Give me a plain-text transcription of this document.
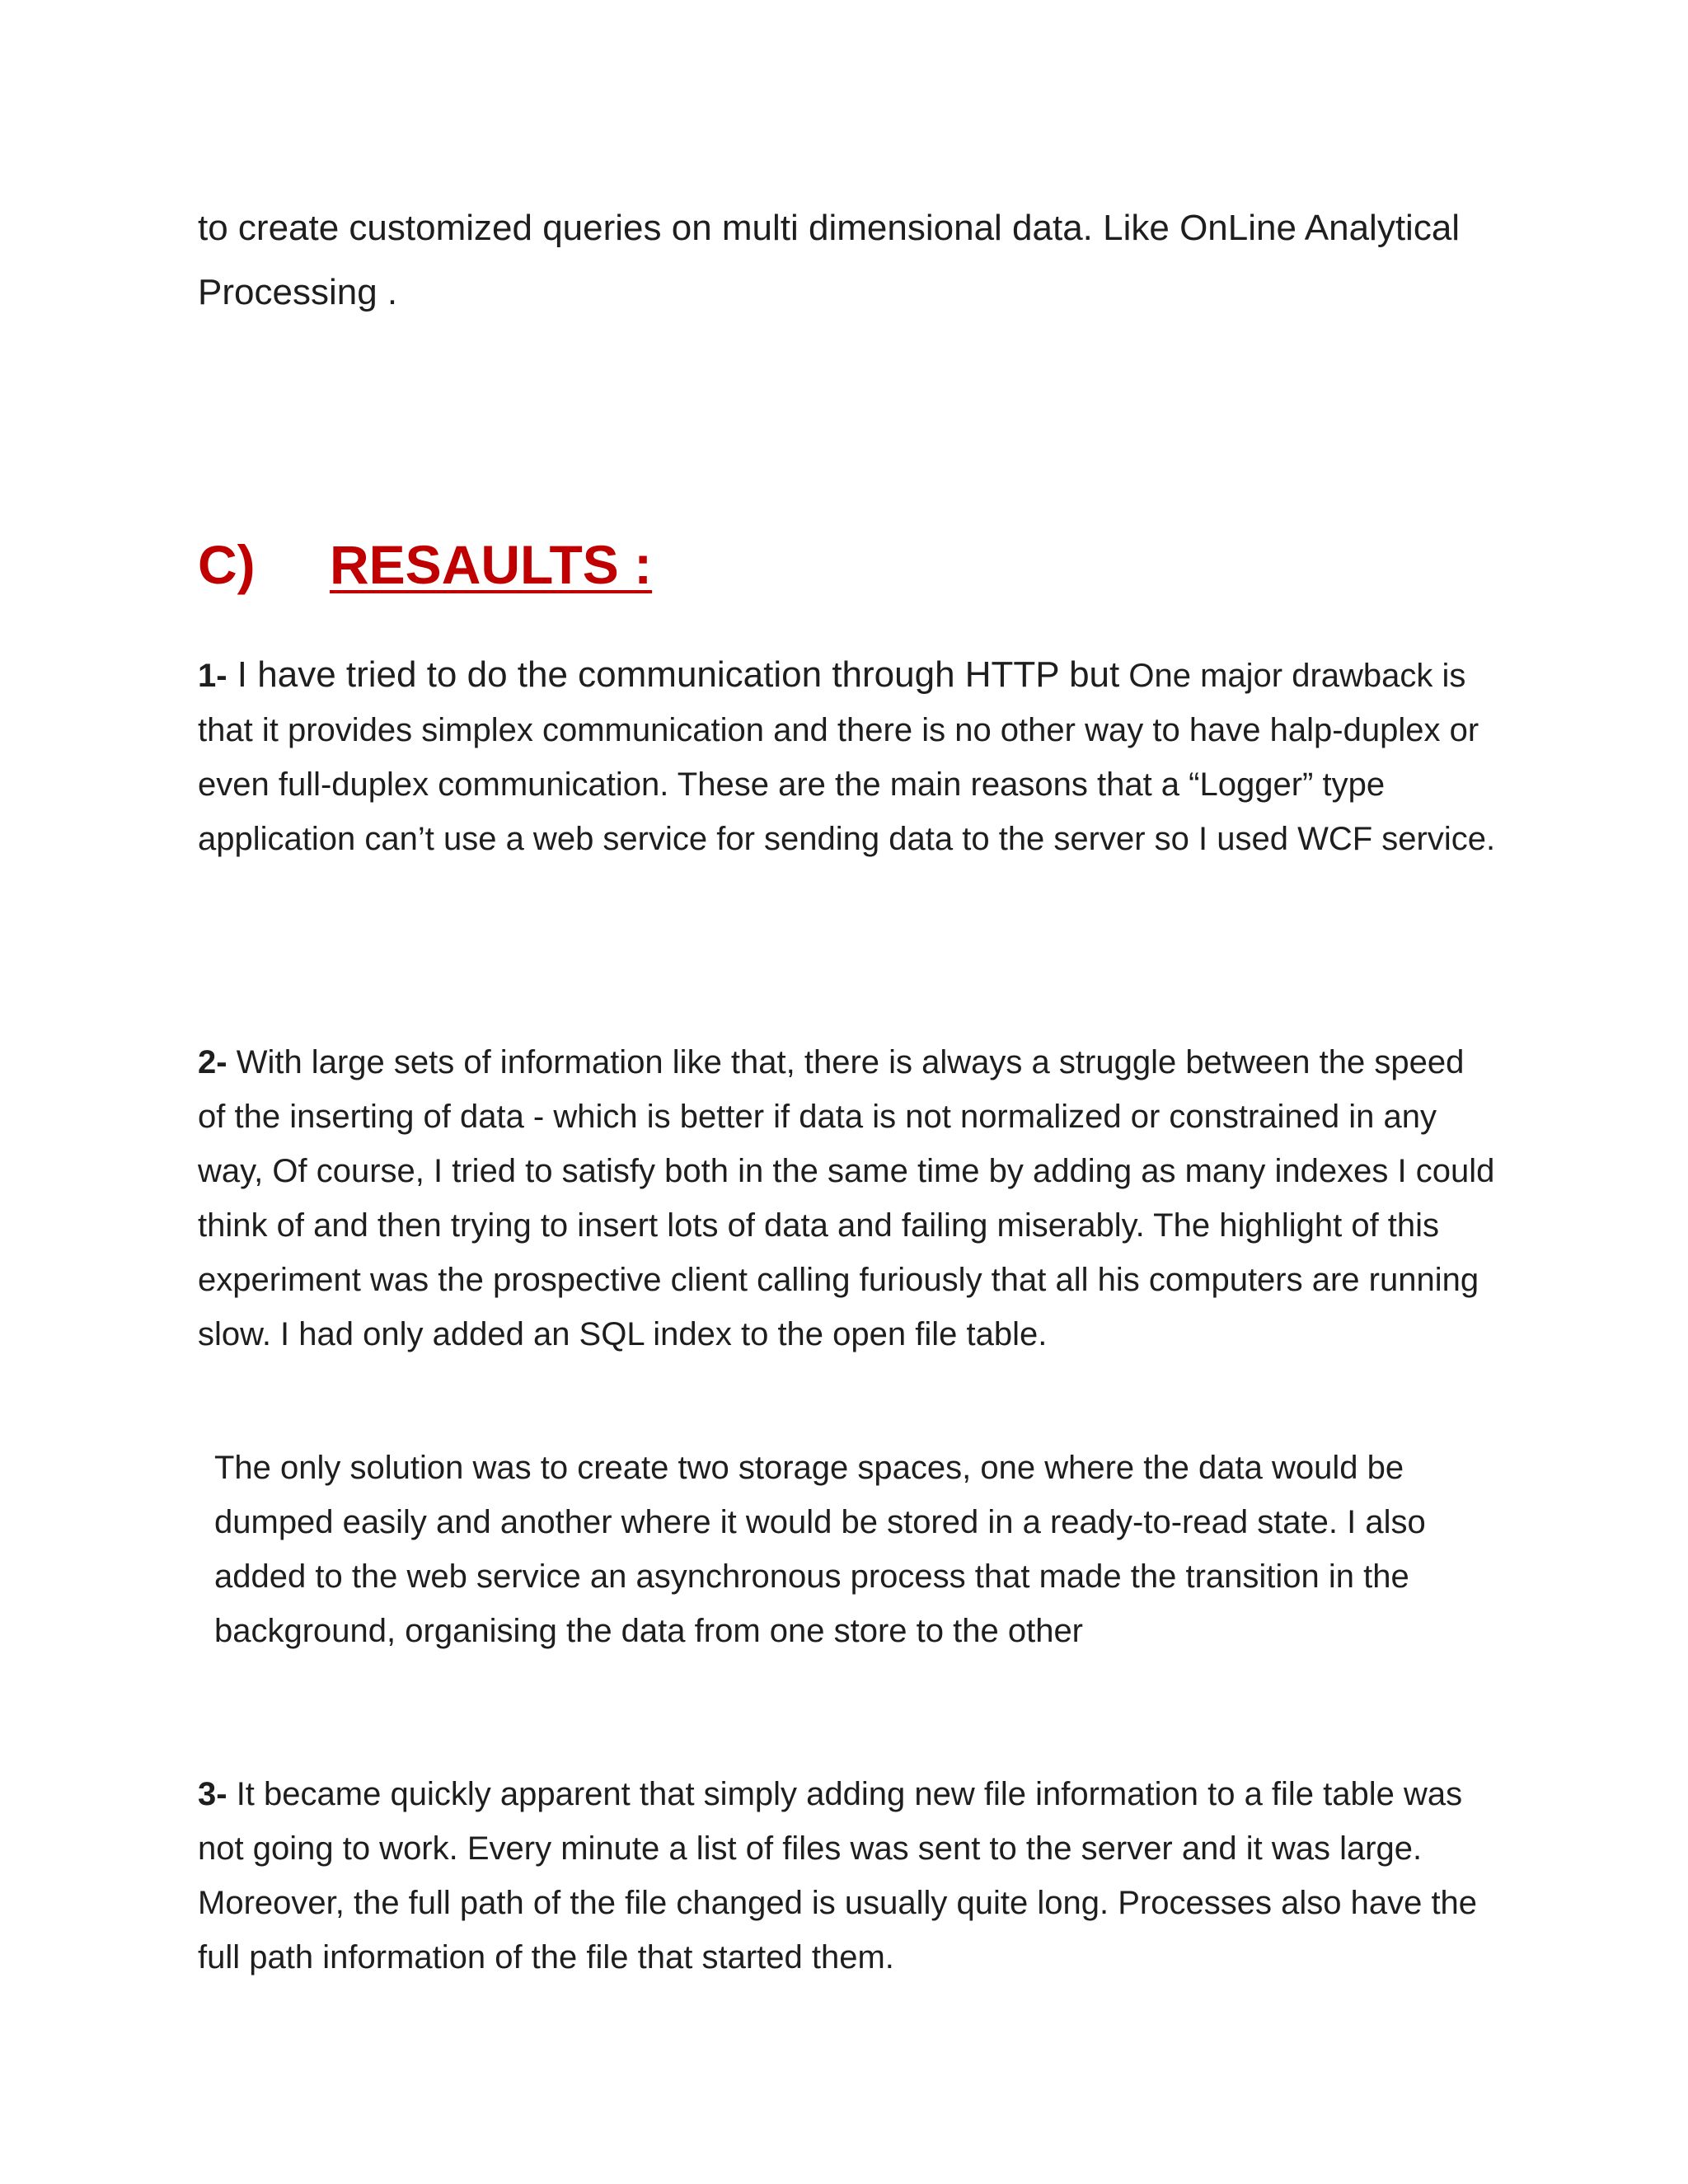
to create customized queries on multi dimensional data. Like OnLine Analytical Processing .

C) RESAULTS :

1- I have tried to do the communication through HTTP but One major drawback is that it provides simplex communication and there is no other way to have halp-duplex or even full-duplex communication. These are the main reasons that a “Logger” type application can’t use a web service for sending data to the server so I used WCF service.

2- With large sets of information like that, there is always a struggle between the speed of the inserting of data - which is better if data is not normalized or constrained in any way, Of course, I tried to satisfy both in the same time by adding as many indexes I could think of and then trying to insert lots of data and failing miserably. The highlight of this experiment was the prospective client calling furiously that all his computers are running slow. I had only added an SQL index to the open file table.

The only solution was to create two storage spaces, one where the data would be dumped easily and another where it would be stored in a ready-to-read state. I also added to the web service an asynchronous process that made the transition in the background, organising the data from one store to the other

3- It became quickly apparent that simply adding new file information to a file table was not going to work. Every minute a list of files was sent to the server and it was large. Moreover, the full path of the file changed is usually quite long. Processes also have the full path information of the file that started them.
